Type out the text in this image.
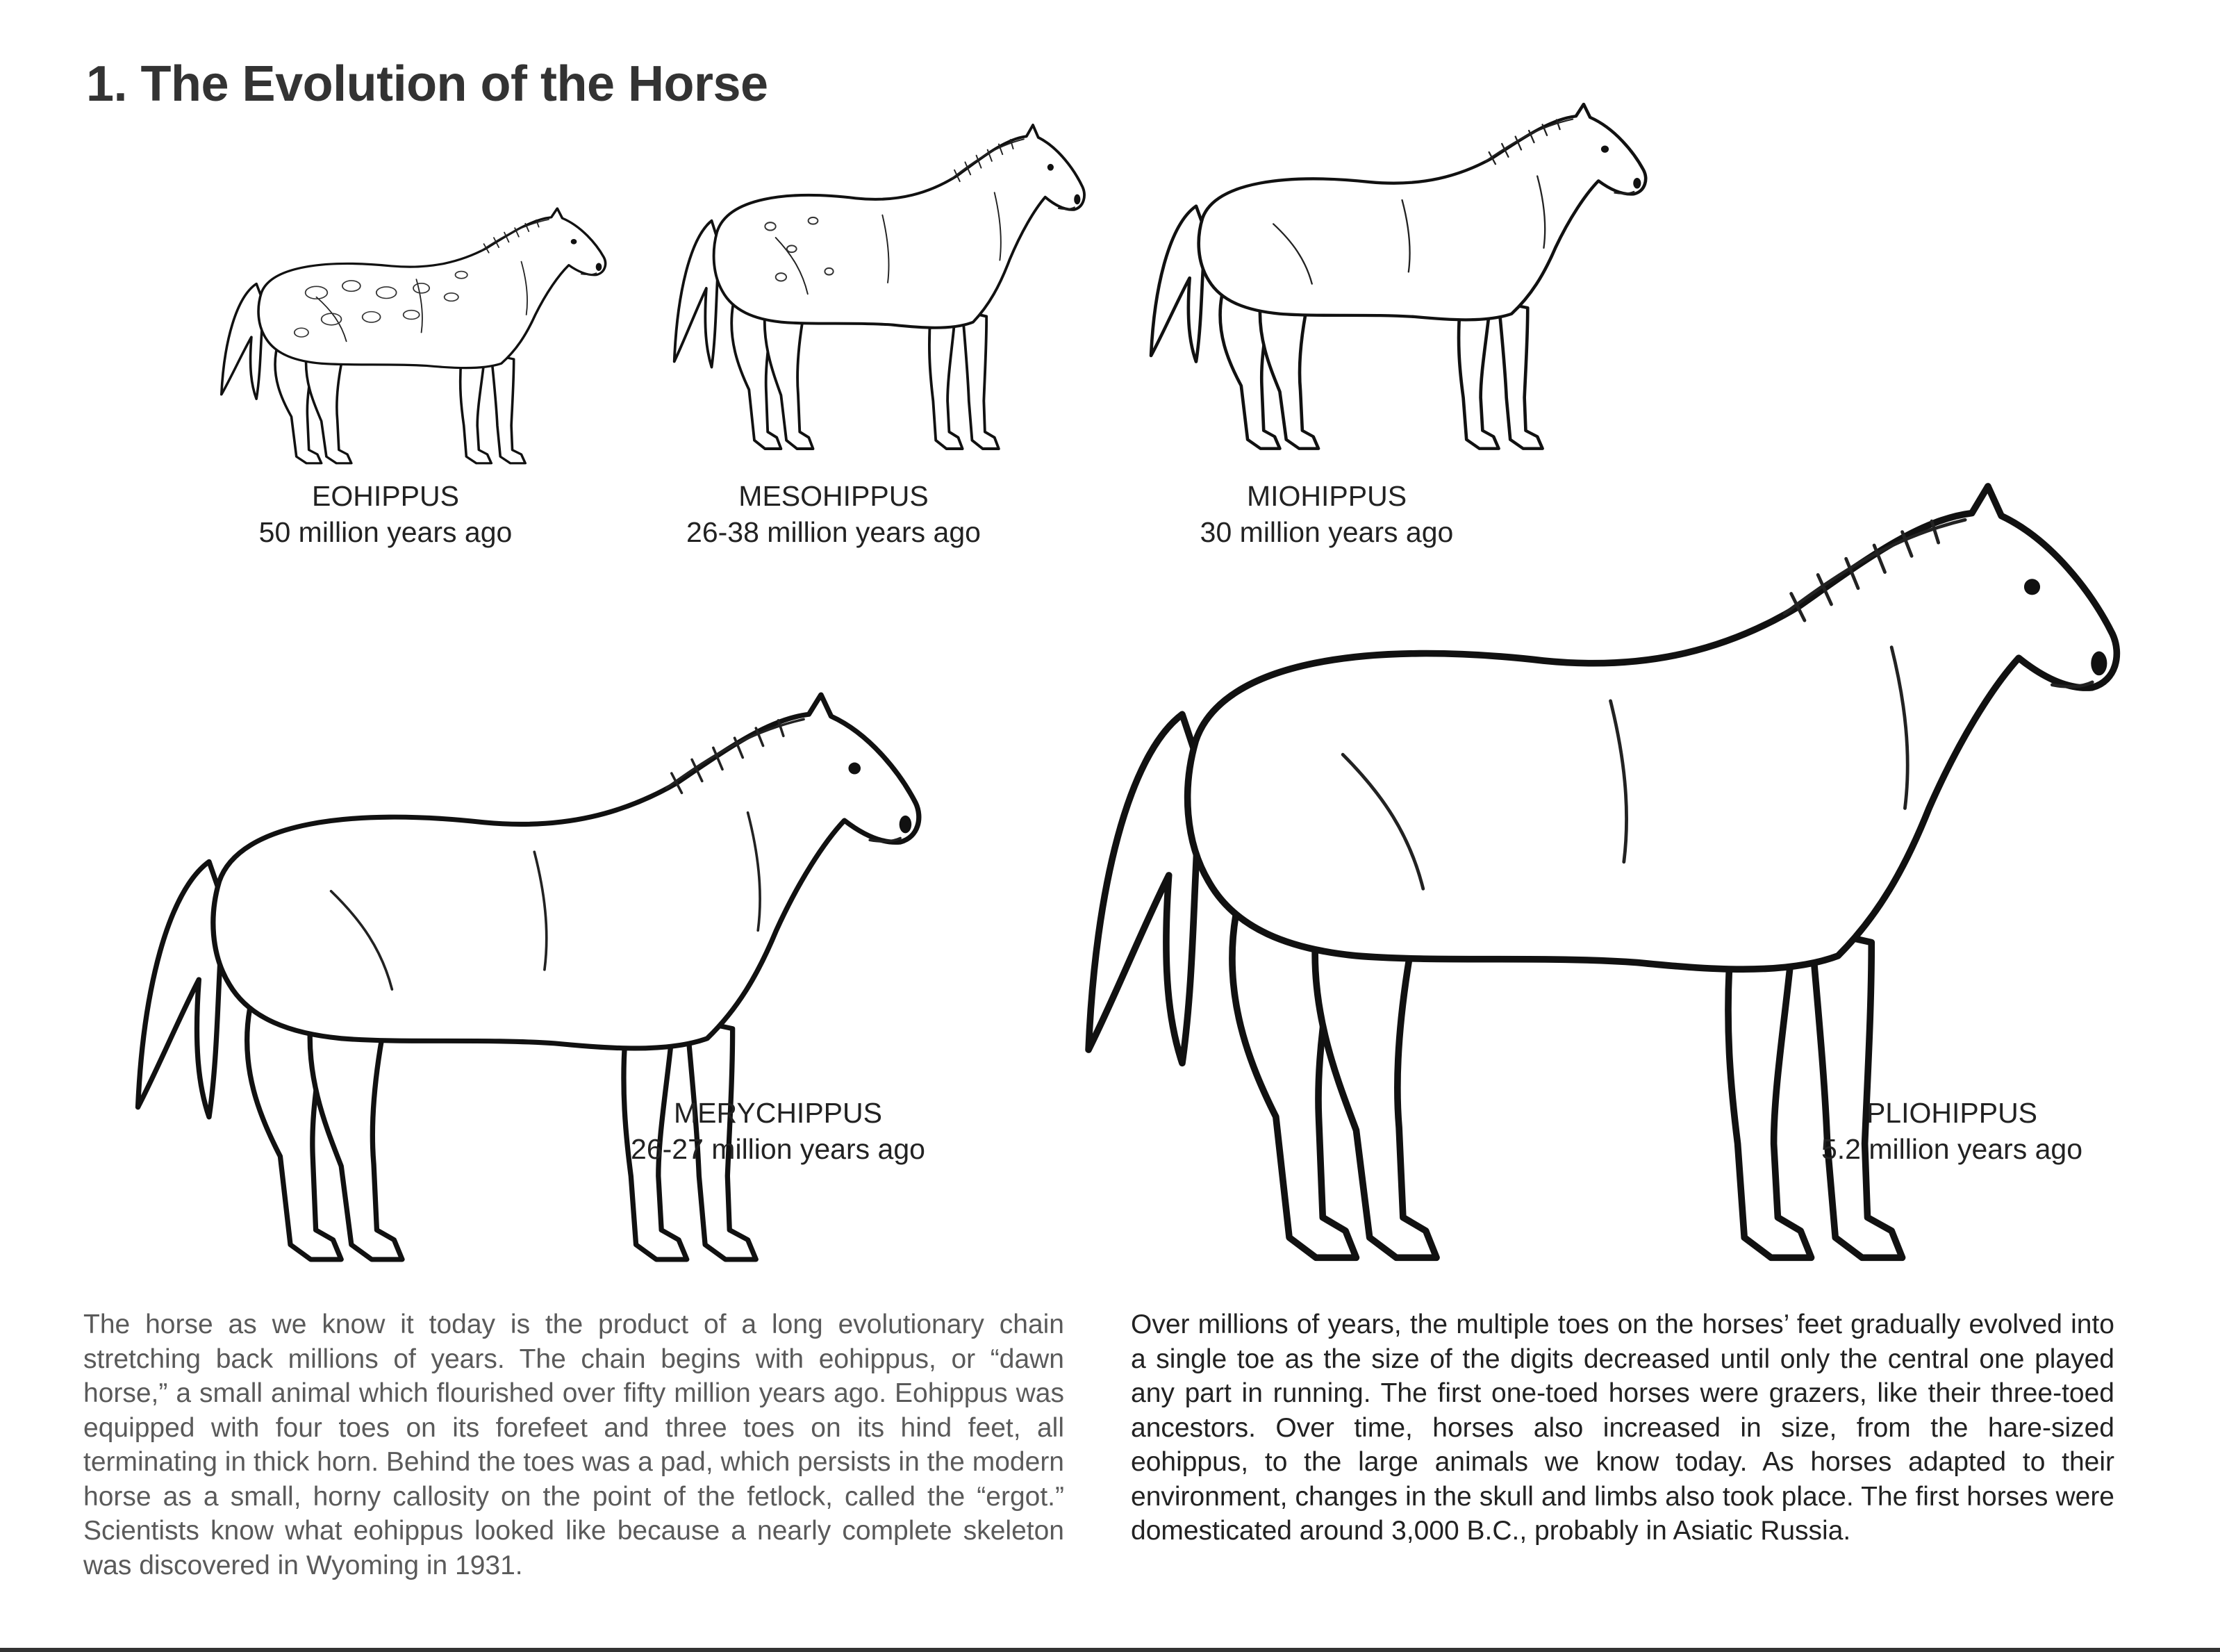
1. The Evolution of the Horse
EOHIPPUS
50 million years ago
MESOHIPPUS
26-38 million years ago
MIOHIPPUS
30 million years ago
MERYCHIPPUS
26-27 million years ago
PLIOHIPPUS
5.2 million years ago

The horse as we know it today is the product of a long evolutionary chain stretching back millions of years. The chain begins with eohippus, or “dawn horse,” a small animal which flourished over fifty million years ago. Eohippus was equipped with four toes on its forefeet and three toes on its hind feet, all terminating in thick horn. Behind the toes was a pad, which persists in the modern horse as a small, horny callosity on the point of the fetlock, called the “ergot.” Scientists know what eohippus looked like because a nearly complete skeleton was discovered in Wyoming in 1931.

Over millions of years, the multiple toes on the horses’ feet gradually evolved into a single toe as the size of the digits decreased until only the central one played any part in running. The first one-toed horses were grazers, like their three-toed ancestors. Over time, horses also increased in size, from the hare-sized eohippus, to the large animals we know today. As horses adapted to their environment, changes in the skull and limbs also took place. The first horses were domesticated around 3,000 B.C., probably in Asiatic Russia.
